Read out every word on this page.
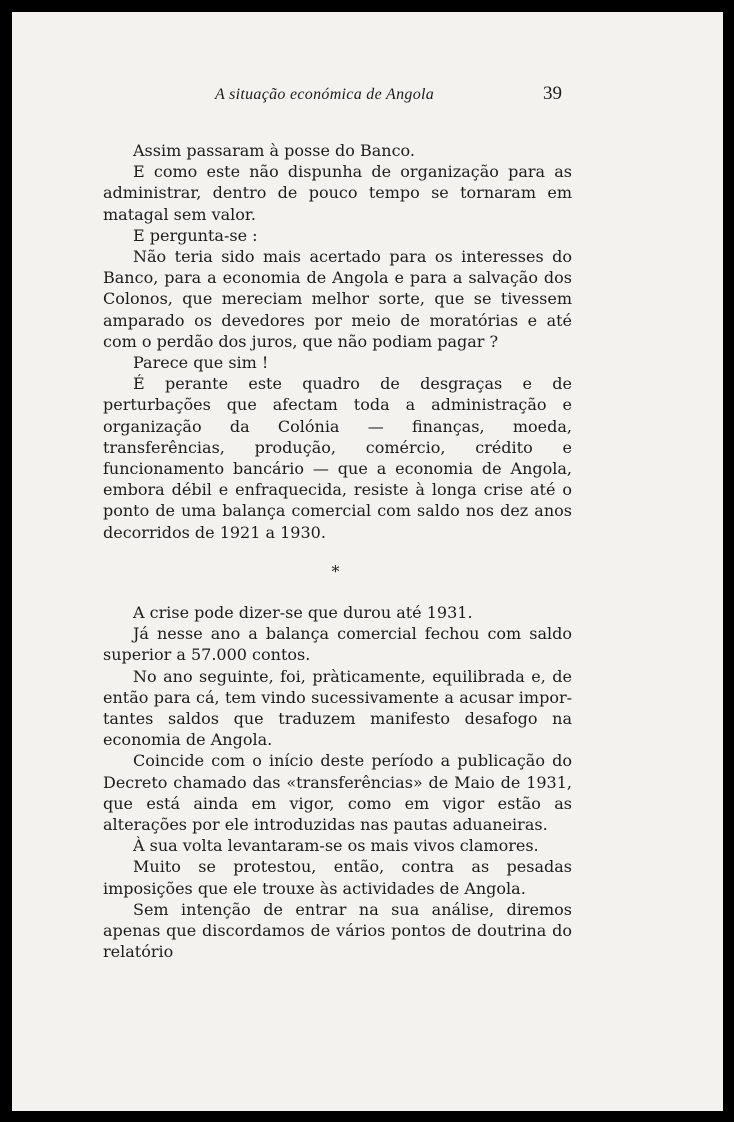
A situação económica de Angola	39

Assim passaram à posse do Banco.

E como este não dispunha de organização para as administrar, dentro de pouco tempo se tornaram em matagal sem valor.

E pergunta-se :

Não teria sido mais acertado para os interesses do Banco, para a economia de Angola e para a salvação dos Colonos, que mereciam melhor sorte, que se tivessem amparado os devedores por meio de moratórias e até com o perdão dos juros, que não podiam pagar ?

Parece que sim !

É perante este quadro de desgraças e de perturbações que afectam toda a administração e organização da Colónia — finanças, moeda, transferências, produção, comércio, crédito e funcionamento bancário — que a economia de Angola, embora débil e enfraquecida, resiste à longa crise até o ponto de uma balança comercial com saldo nos dez anos decorridos de 1921 a 1930.

*

A crise pode dizer-se que durou até 1931.

Já nesse ano a balança comercial fechou com saldo superior a 57.000 contos.

No ano seguinte, foi, pràticamente, equilibrada e, de então para cá, tem vindo sucessivamente a acusar importantes saldos que traduzem manifesto desafogo na economia de Angola.

Coincide com o início deste período a publicação do Decreto chamado das «transferências» de Maio de 1931, que está ainda em vigor, como em vigor estão as alterações por ele introduzidas nas pautas aduaneiras.

À sua volta levantaram-se os mais vivos clamores.

Muito se protestou, então, contra as pesadas imposições que ele trouxe às actividades de Angola.

Sem intenção de entrar na sua análise, diremos apenas que discordamos de vários pontos de doutrina do relatório
